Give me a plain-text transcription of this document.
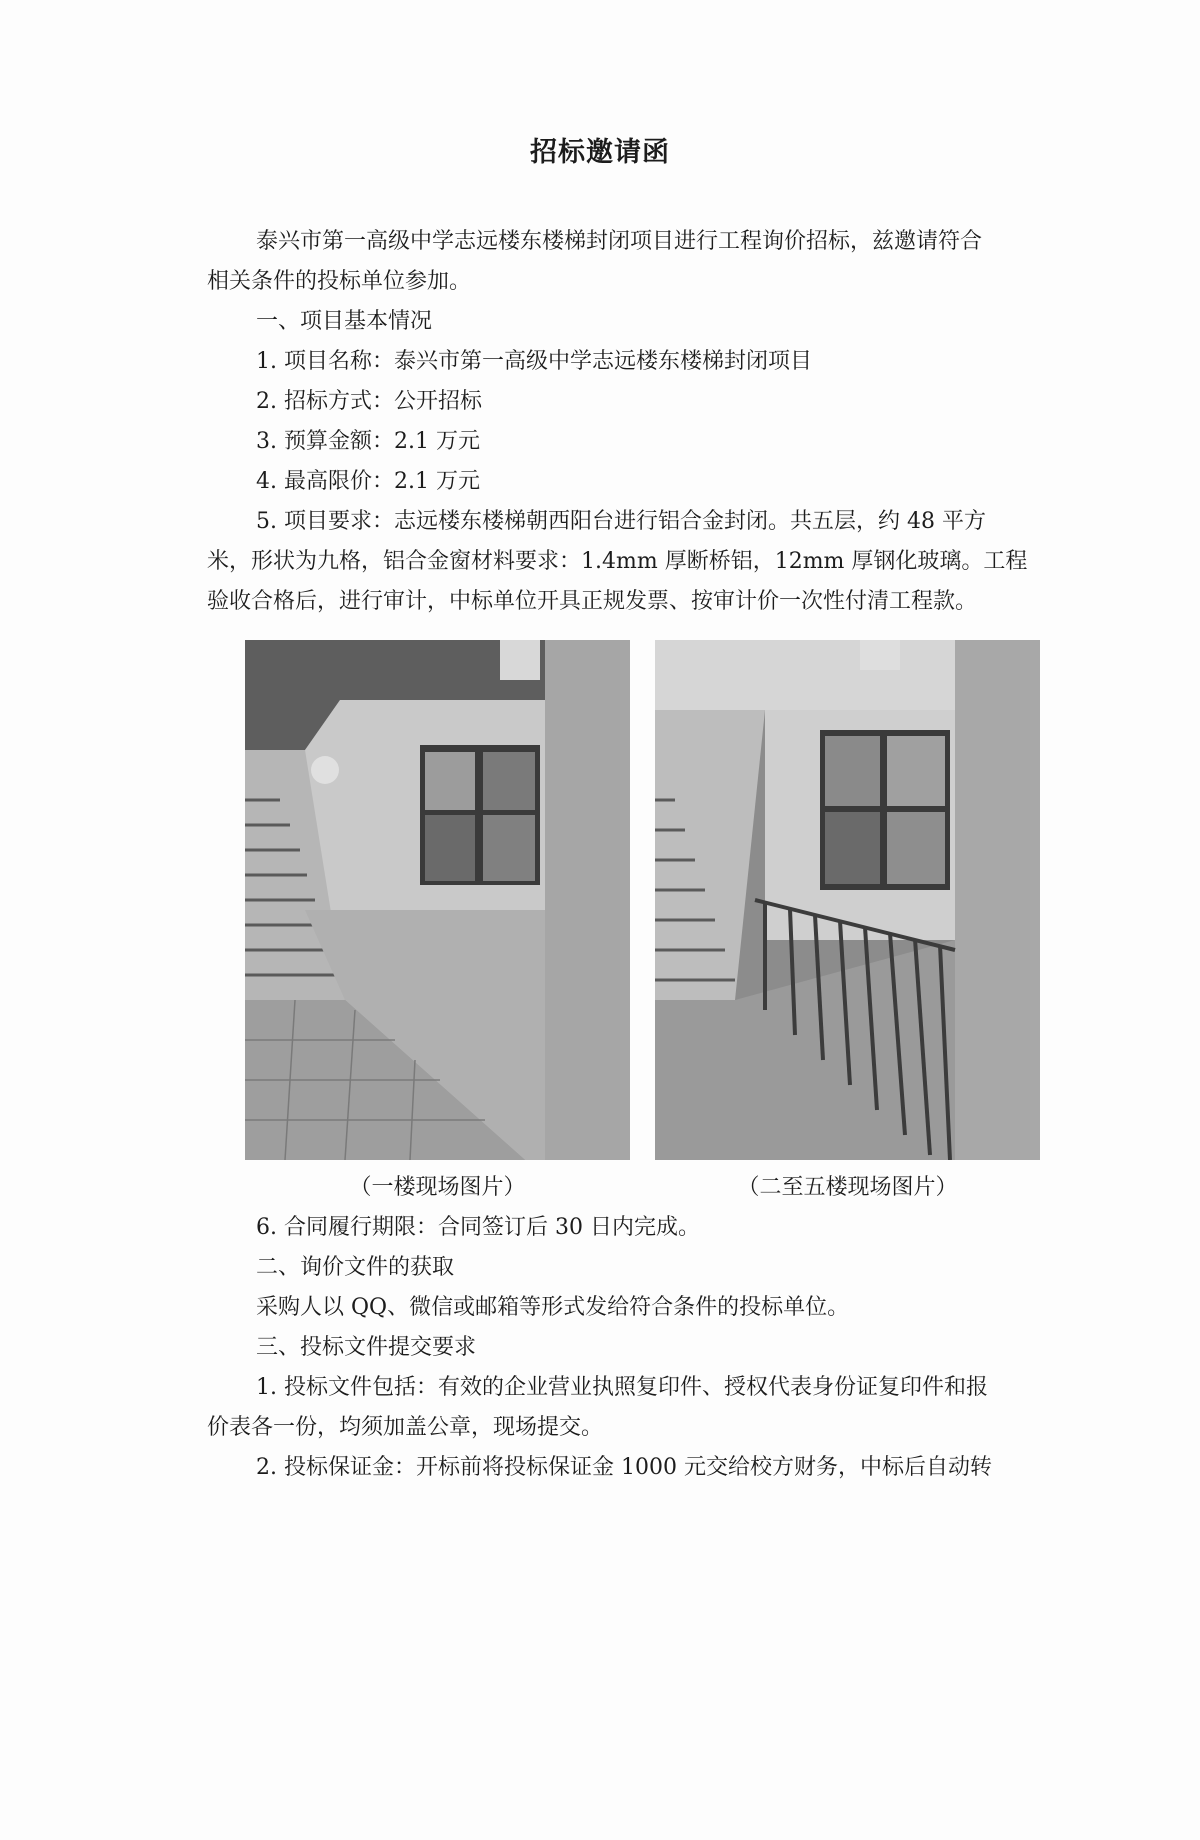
招标邀请函
泰兴市第一高级中学志远楼东楼梯封闭项目进行工程询价招标，兹邀请符合
相关条件的投标单位参加。
一、项目基本情况
1. 项目名称：泰兴市第一高级中学志远楼东楼梯封闭项目
2. 招标方式：公开招标
3. 预算金额：2.1 万元
4. 最高限价：2.1 万元
5. 项目要求：志远楼东楼梯朝西阳台进行铝合金封闭。共五层，约 48 平方
米，形状为九格，铝合金窗材料要求：1.4mm 厚断桥铝，12mm 厚钢化玻璃。工程
验收合格后，进行审计，中标单位开具正规发票、按审计价一次性付清工程款。
（一楼现场图片）	（二至五楼现场图片）
6. 合同履行期限：合同签订后 30 日内完成。
二、询价文件的获取
采购人以 QQ、微信或邮箱等形式发给符合条件的投标单位。
三、投标文件提交要求
1. 投标文件包括：有效的企业营业执照复印件、授权代表身份证复印件和报
价表各一份，均须加盖公章，现场提交。
2. 投标保证金：开标前将投标保证金 1000 元交给校方财务，中标后自动转
